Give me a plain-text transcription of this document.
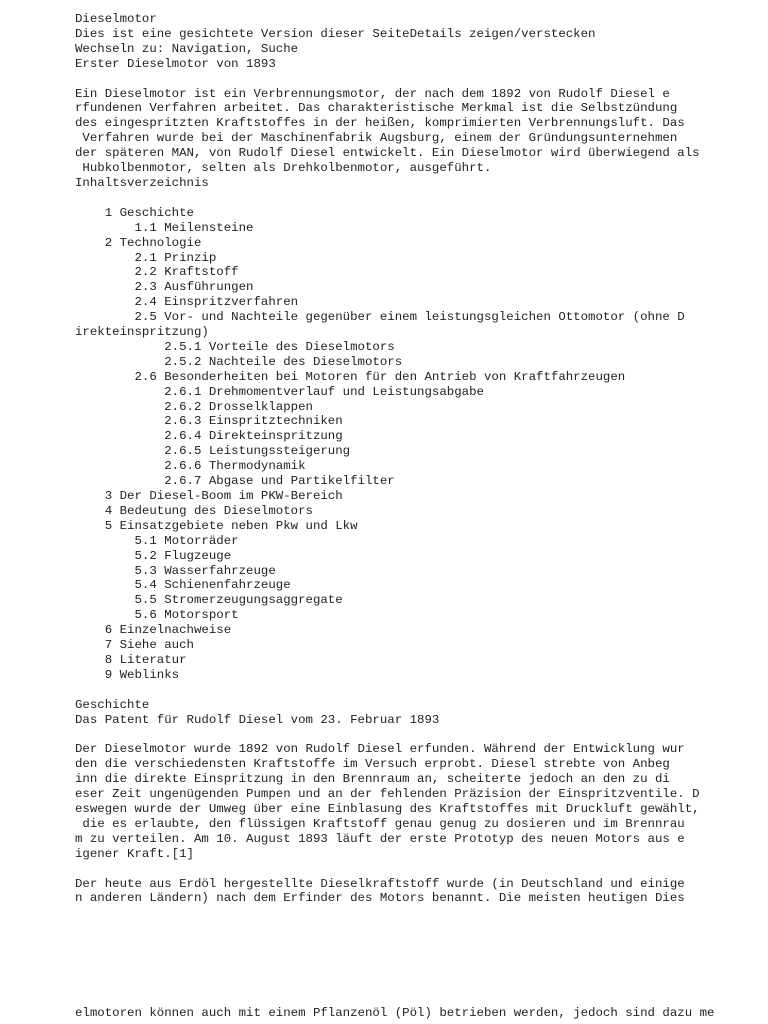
Dieselmotor
Dies ist eine gesichtete Version dieser SeiteDetails zeigen/verstecken
Wechseln zu: Navigation, Suche
Erster Dieselmotor von 1893
Ein Dieselmotor ist ein Verbrennungsmotor, der nach dem 1892 von Rudolf Diesel e
rfundenen Verfahren arbeitet. Das charakteristische Merkmal ist die Selbstzündung
des eingespritzten Kraftstoffes in der heißen, komprimierten Verbrennungsluft. Das
Verfahren wurde bei der Maschinenfabrik Augsburg, einem der Gründungsunternehmen
der späteren MAN, von Rudolf Diesel entwickelt. Ein Dieselmotor wird überwiegend als
Hubkolbenmotor, selten als Drehkolbenmotor, ausgeführt.
Inhaltsverzeichnis
1 Geschichte
1.1 Meilensteine
2 Technologie
2.1 Prinzip
2.2 Kraftstoff
2.3 Ausführungen
2.4 Einspritzverfahren
2.5 Vor- und Nachteile gegenüber einem leistungsgleichen Ottomotor (ohne D
irekteinspritzung)
2.5.1 Vorteile des Dieselmotors
2.5.2 Nachteile des Dieselmotors
2.6 Besonderheiten bei Motoren für den Antrieb von Kraftfahrzeugen
2.6.1 Drehmomentverlauf und Leistungsabgabe
2.6.2 Drosselklappen
2.6.3 Einspritztechniken
2.6.4 Direkteinspritzung
2.6.5 Leistungssteigerung
2.6.6 Thermodynamik
2.6.7 Abgase und Partikelfilter
3 Der Diesel-Boom im PKW-Bereich
4 Bedeutung des Dieselmotors
5 Einsatzgebiete neben Pkw und Lkw
5.1 Motorräder
5.2 Flugzeuge
5.3 Wasserfahrzeuge
5.4 Schienenfahrzeuge
5.5 Stromerzeugungsaggregate
5.6 Motorsport
6 Einzelnachweise
7 Siehe auch
8 Literatur
9 Weblinks
Geschichte
Das Patent für Rudolf Diesel vom 23. Februar 1893
Der Dieselmotor wurde 1892 von Rudolf Diesel erfunden. Während der Entwicklung wur
den die verschiedensten Kraftstoffe im Versuch erprobt. Diesel strebte von Anbeg
inn die direkte Einspritzung in den Brennraum an, scheiterte jedoch an den zu di
eser Zeit ungenügenden Pumpen und an der fehlenden Präzision der Einspritzventile. D
eswegen wurde der Umweg über eine Einblasung des Kraftstoffes mit Druckluft gewählt,
die es erlaubte, den flüssigen Kraftstoff genau genug zu dosieren und im Brennrau
m zu verteilen. Am 10. August 1893 läuft der erste Prototyp des neuen Motors aus e
igener Kraft.[1]
Der heute aus Erdöl hergestellte Dieselkraftstoff wurde (in Deutschland und einige
n anderen Ländern) nach dem Erfinder des Motors benannt. Die meisten heutigen Dies
elmotoren können auch mit einem Pflanzenöl (Pöl) betrieben werden, jedoch sind dazu me
